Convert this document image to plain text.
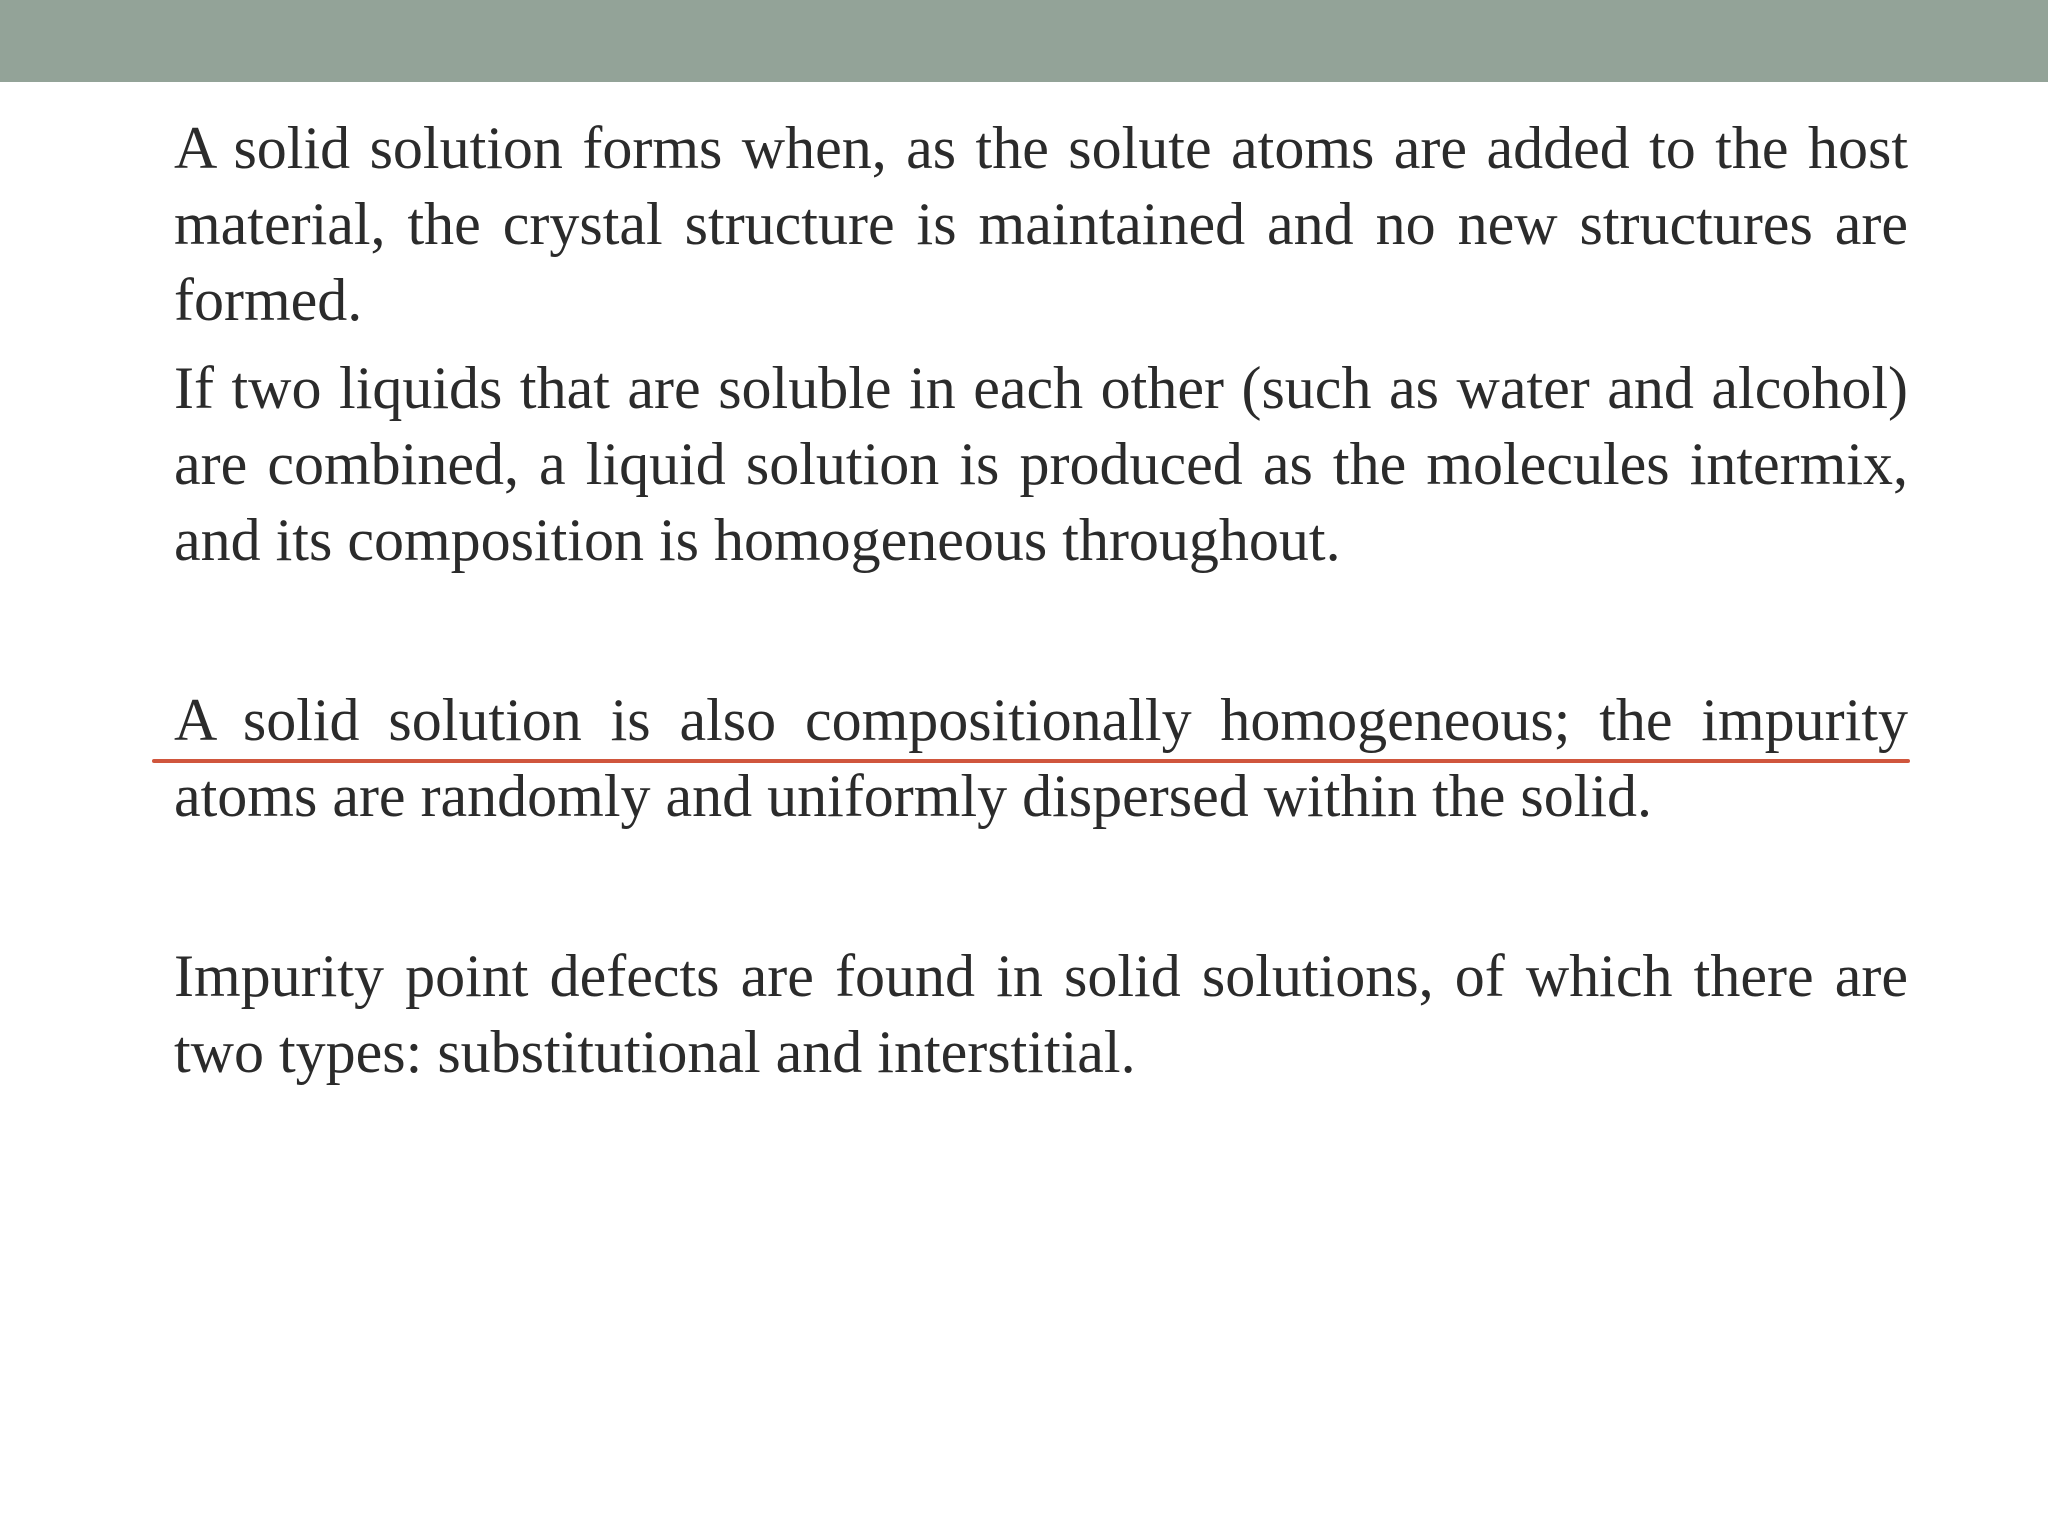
A solid solution forms when, as the solute atoms are added to the host material, the crystal structure is maintained and no new structures are formed.

If two liquids that are soluble in each other (such as water and alcohol) are combined, a liquid solution is produced as the molecules intermix, and its composition is homogeneous throughout.

A solid solution is also compositionally homogeneous; the impurity atoms are randomly and uniformly dispersed within the solid.

Impurity point defects are found in solid solutions, of which there are two types: substitutional and interstitial.
